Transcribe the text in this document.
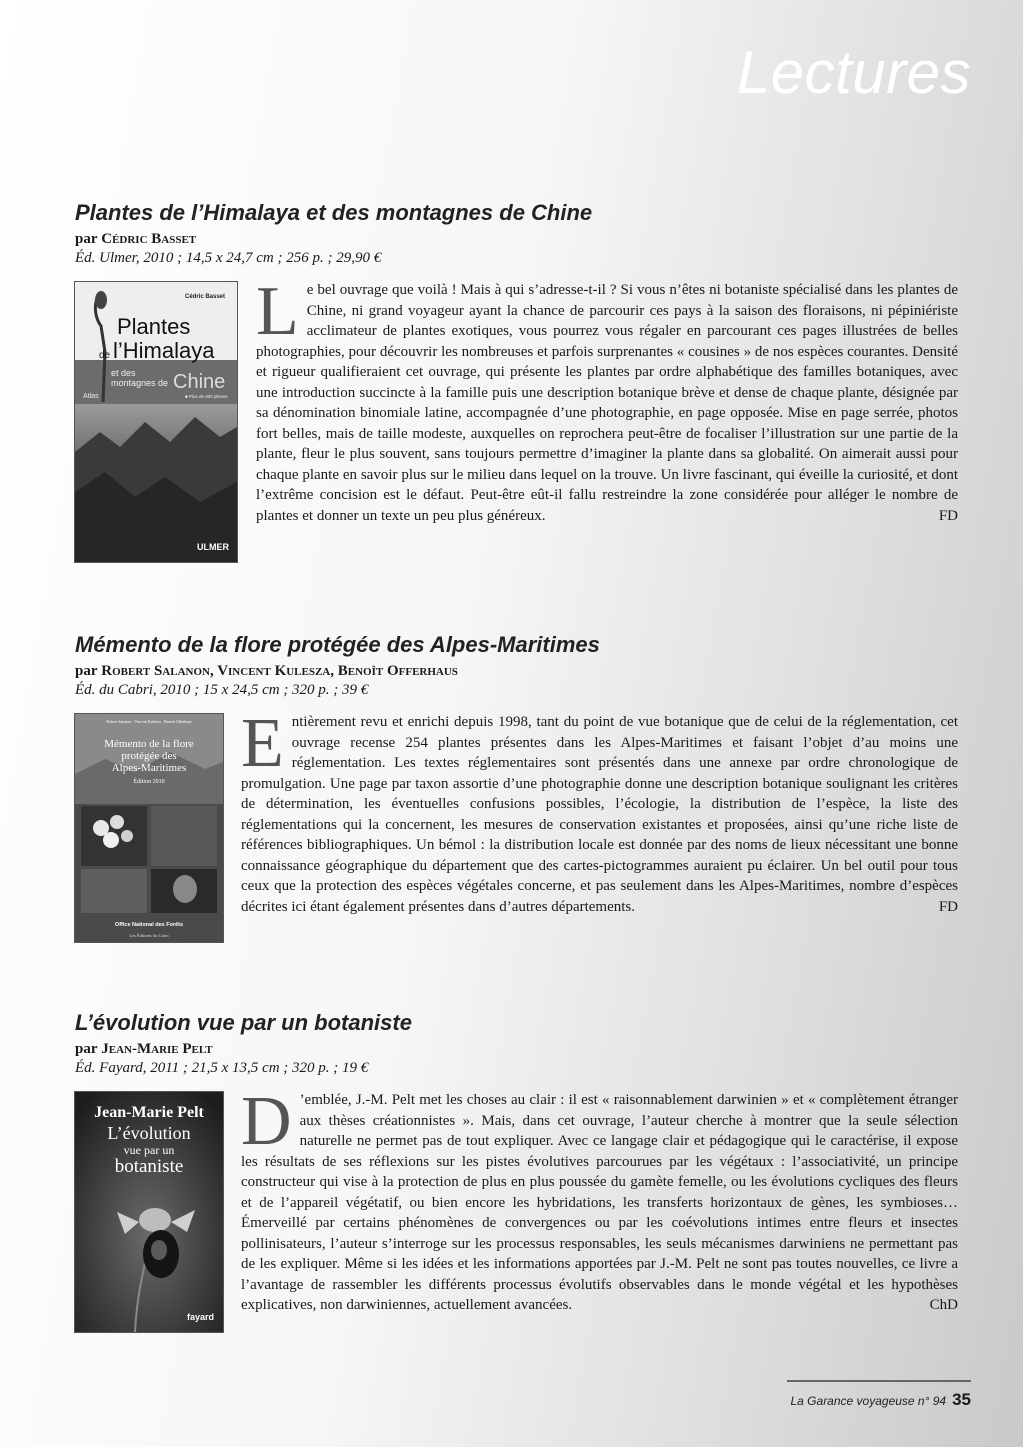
Lectures
Plantes de l’Himalaya et des montagnes de Chine

par Cédric Basset

Éd. Ulmer, 2010 ; 14,5 x 24,7 cm ; 256 p. ; 29,90 €

Cédric Basset
Plantes
de l’Himalaya
et des
montagnes de Chine
Atlas	■ Plus de 800 photos
ULMER
Le bel ouvrage que voilà ! Mais à qui s’adresse-t-il ? Si vous n’êtes ni botaniste spécialisé dans les plantes de Chine, ni grand voyageur ayant la chance de parcourir ces pays à la saison des floraisons, ni pépiniériste acclimateur de plantes exotiques, vous pourrez vous régaler en parcourant ces pages illustrées de belles photographies, pour découvrir les nombreuses et parfois surprenantes « cousines » de nos espèces courantes. Densité et rigueur qualifieraient cet ouvrage, qui présente les plantes par ordre alphabétique des familles botaniques, avec une introduction succincte à la famille puis une description botanique brève et dense de chaque plante, désignée par sa dénomination binomiale latine, accompagnée d’une photographie, en page opposée. Mise en page serrée, photos fort belles, mais de taille modeste, auxquelles on reprochera peut-être de focaliser l’illustration sur une partie de la plante, fleur le plus souvent, sans toujours permettre d’imaginer la plante dans sa globalité. On aimerait aussi pour chaque plante en savoir plus sur le milieu dans lequel on la trouve. Un livre fascinant, qui éveille la curiosité, et dont l’extrême concision est le défaut. Peut-être eût-il fallu restreindre la zone considérée pour alléger le nombre de plantes et donner un texte un peu plus généreux.	FD
Mémento de la flore protégée des Alpes-Maritimes

par Robert Salanon, Vincent Kulesza, Benoît Offerhaus

Éd. du Cabri, 2010 ; 15 x 24,5 cm ; 320 p. ; 39 €

Robert Salanon · Vincent Kulesza · Benoît Offerhaus
Mémento de la flore
protégée des
Alpes-Maritimes
Édition 2010
Office National des Forêts
Les Éditions du Cabri
Entièrement revu et enrichi depuis 1998, tant du point de vue botanique que de celui de la réglementation, cet ouvrage recense 254 plantes présentes dans les Alpes-Maritimes et faisant l’objet d’au moins une réglementation. Les textes réglementaires sont présentés dans une annexe par ordre chronologique de promulgation. Une page par taxon assortie d’une photographie donne une description botanique soulignant les critères de détermination, les éventuelles confusions possibles, l’écologie, la distribution de l’espèce, la liste des réglementations qui la concernent, les mesures de conservation existantes et proposées, ainsi qu’une riche liste de références bibliographiques. Un bémol : la distribution locale est donnée par des noms de lieux nécessitant une bonne connaissance géographique du département que des cartes-pictogrammes auraient pu éclairer. Un bel outil pour tous ceux que la protection des espèces végétales concerne, et pas seulement dans les Alpes-Maritimes, nombre d’espèces décrites ici étant également présentes dans d’autres départements.	FD
L’évolution vue par un botaniste

par Jean-Marie Pelt

Éd. Fayard, 2011 ; 21,5 x 13,5 cm ; 320 p. ; 19 €

Jean-Marie Pelt
L’évolution
vue par un
botaniste
fayard
D ’emblée, J.-M. Pelt met les choses au clair : il est « raisonnablement darwinien » et « complètement étranger aux thèses créationnistes ». Mais, dans cet ouvrage, l’auteur cherche à montrer que la seule sélection naturelle ne permet pas de tout expliquer. Avec ce langage clair et pédagogique qui le caractérise, il expose les résultats de ses réflexions sur les pistes évolutives parcourues par les végétaux : l’associativité, un principe constructeur qui vise à la protection de plus en plus poussée du gamète femelle, ou les évolutions cycliques des fleurs et de l’appareil végétatif, ou bien encore les hybridations, les transferts horizontaux de gènes, les symbioses… Émerveillé par certains phénomènes de convergences ou par les coévolutions intimes entre fleurs et insectes pollinisateurs, l’auteur s’interroge sur les processus responsables, les seuls mécanismes darwiniens ne permettant pas de les expliquer. Même si les idées et les informations apportées par J.-M. Pelt ne sont pas toutes nouvelles, ce livre a l’avantage de rassembler les différents processus évolutifs observables dans le monde végétal et les hypothèses explicatives, non darwiniennes, actuellement avancées.	ChD
La Garance voyageuse n° 94 35
